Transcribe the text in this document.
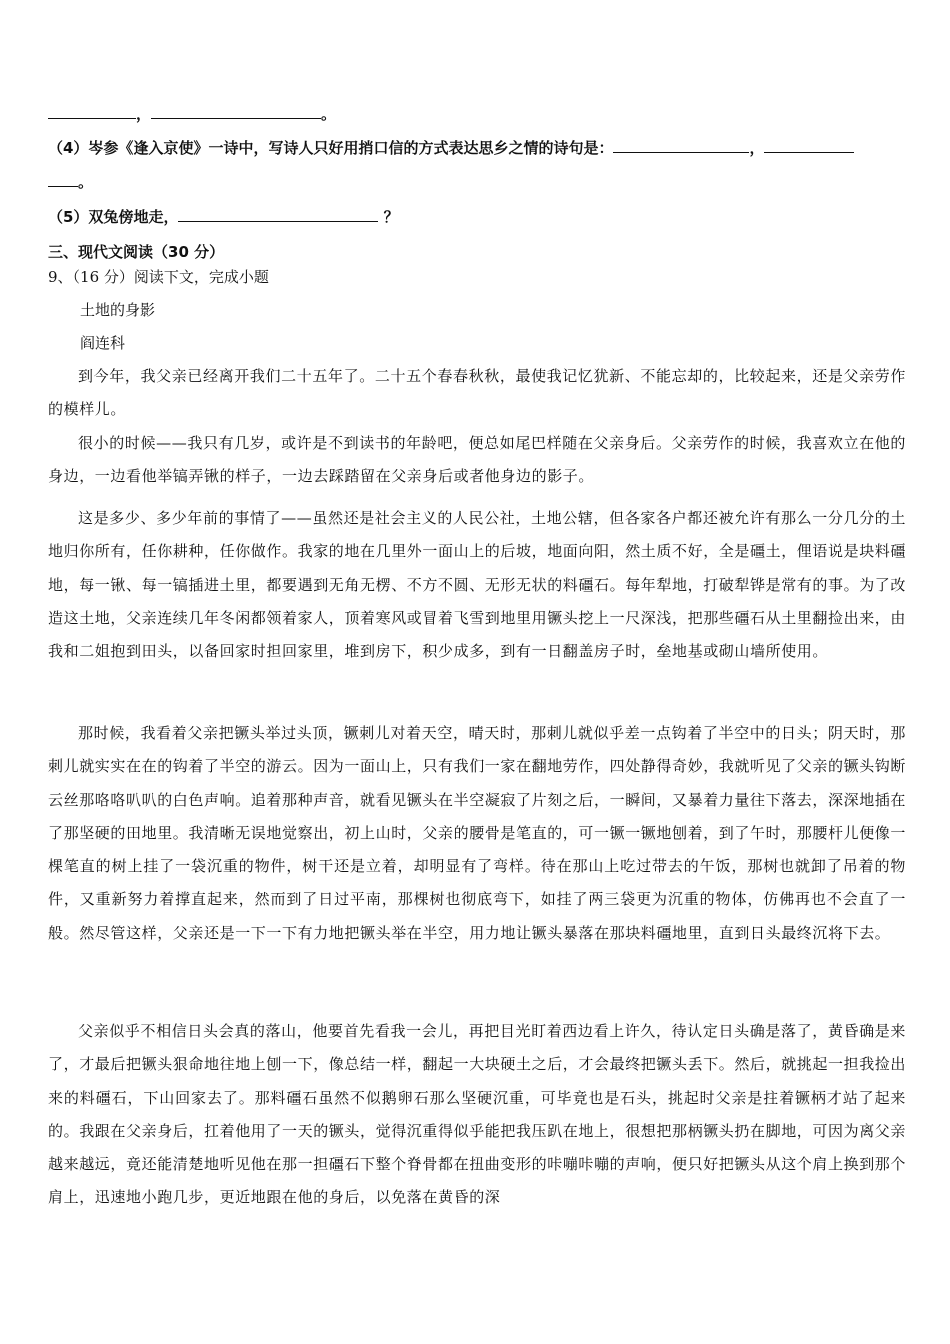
，	。
（4）岑参《逢入京使》一诗中，写诗人只好用捎口信的方式表达思乡之情的诗句是：	，
。
（5）双兔傍地走，	？
三、现代文阅读（30 分）
9、（16 分）阅读下文，完成小题
土地的身影
阎连科
到今年，我父亲已经离开我们二十五年了。二十五个春春秋秋，最使我记忆犹新、不能忘却的，比较起来，还是父亲劳作的模样儿。
很小的时候——我只有几岁，或许是不到读书的年龄吧，便总如尾巴样随在父亲身后。父亲劳作的时候，我喜欢立在他的身边，一边看他举镐弄锹的样子，一边去踩踏留在父亲身后或者他身边的影子。
这是多少、多少年前的事情了——虽然还是社会主义的人民公社，土地公辖，但各家各户都还被允许有那么一分几分的土地归你所有，任你耕种，任你做作。我家的地在几里外一面山上的后坡，地面向阳，然土质不好，全是礓土，俚语说是块料礓地，每一锹、每一镐插进土里，都要遇到无角无楞、不方不圆、无形无状的料礓石。每年犁地，打破犁铧是常有的事。为了改造这土地，父亲连续几年冬闲都领着家人，顶着寒风或冒着飞雪到地里用镢头挖上一尺深浅，把那些礓石从土里翻捡出来，由我和二姐抱到田头，以备回家时担回家里，堆到房下，积少成多，到有一日翻盖房子时，垒地基或砌山墙所使用。
那时候，我看着父亲把镢头举过头顶，镢刺儿对着天空，晴天时，那刺儿就似乎差一点钩着了半空中的日头；阴天时，那刺儿就实实在在的钩着了半空的游云。因为一面山上，只有我们一家在翻地劳作，四处静得奇妙，我就听见了父亲的镢头钩断云丝那咯咯叭叭的白色声响。追着那种声音，就看见镢头在半空凝寂了片刻之后，一瞬间，又暴着力量往下落去，深深地插在了那坚硬的田地里。我清晰无误地觉察出，初上山时，父亲的腰骨是笔直的，可一镢一镢地刨着，到了午时，那腰杆儿便像一棵笔直的树上挂了一袋沉重的物件，树干还是立着，却明显有了弯样。待在那山上吃过带去的午饭，那树也就卸了吊着的物件，又重新努力着撑直起来，然而到了日过平南，那棵树也彻底弯下，如挂了两三袋更为沉重的物体，仿佛再也不会直了一般。然尽管这样，父亲还是一下一下有力地把镢头举在半空，用力地让镢头暴落在那块料礓地里，直到日头最终沉将下去。
父亲似乎不相信日头会真的落山，他要首先看我一会儿，再把目光盯着西边看上许久，待认定日头确是落了，黄昏确是来了，才最后把镢头狠命地往地上刨一下，像总结一样，翻起一大块硬土之后，才会最终把镢头丢下。然后，就挑起一担我捡出来的料礓石，下山回家去了。那料礓石虽然不似鹅卵石那么坚硬沉重，可毕竟也是石头，挑起时父亲是拄着镢柄才站了起来的。我跟在父亲身后，扛着他用了一天的镢头，觉得沉重得似乎能把我压趴在地上，很想把那柄镢头扔在脚地，可因为离父亲越来越远，竟还能清楚地听见他在那一担礓石下整个脊骨都在扭曲变形的咔嘣咔嘣的声响，便只好把镢头从这个肩上换到那个肩上，迅速地小跑几步，更近地跟在他的身后，以免落在黄昏的深
